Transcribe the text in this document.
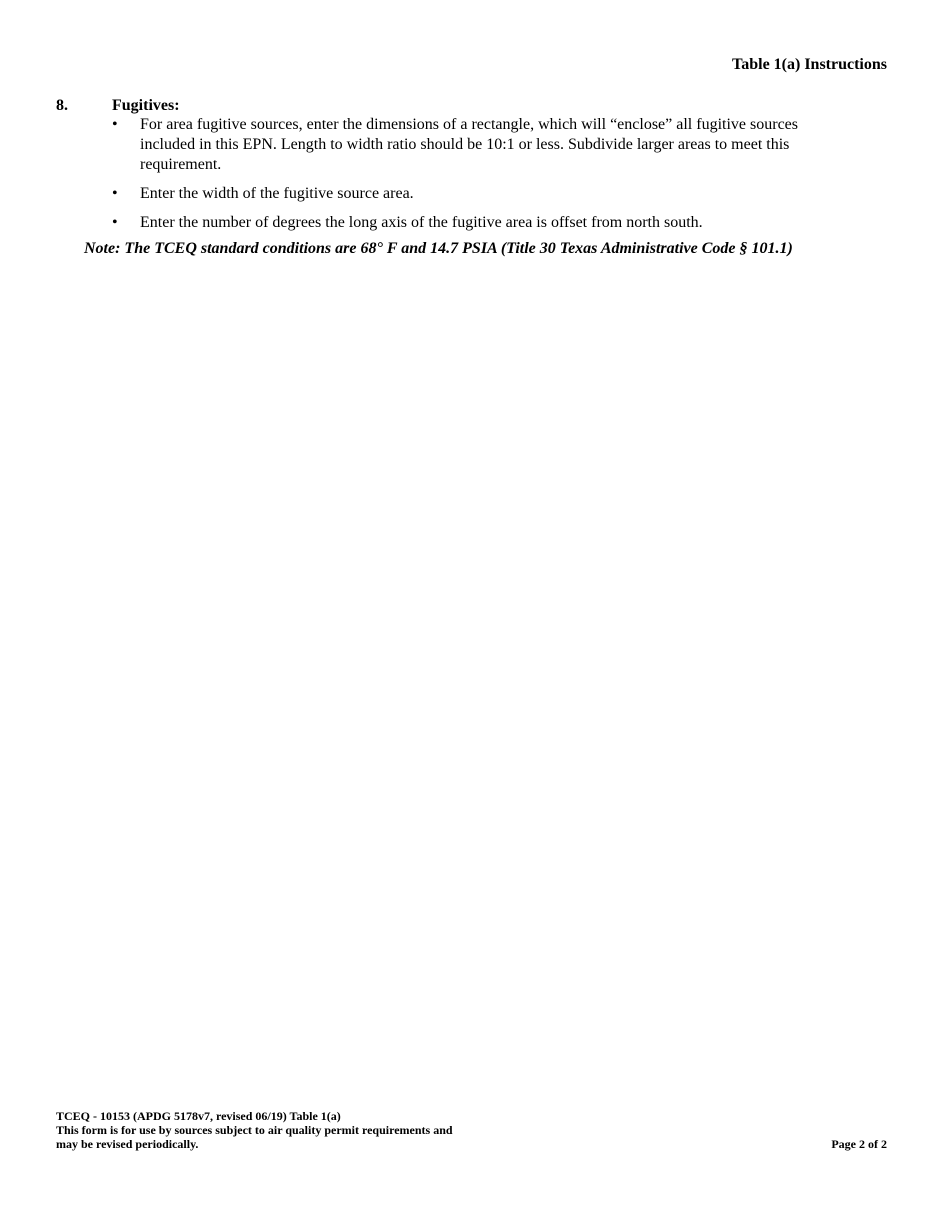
Table 1(a) Instructions
8.	Fugitives:
•	For area fugitive sources, enter the dimensions of a rectangle, which will “enclose” all fugitive sources included in this EPN. Length to width ratio should be 10:1 or less. Subdivide larger areas to meet this requirement.
•	Enter the width of the fugitive source area.
•	Enter the number of degrees the long axis of the fugitive area is offset from north south.
Note: The TCEQ standard conditions are 68° F and 14.7 PSIA (Title 30 Texas Administrative Code § 101.1)
TCEQ - 10153 (APDG 5178v7, revised 06/19) Table 1(a)
This form is for use by sources subject to air quality permit requirements and
may be revised periodically.	Page 2 of 2
